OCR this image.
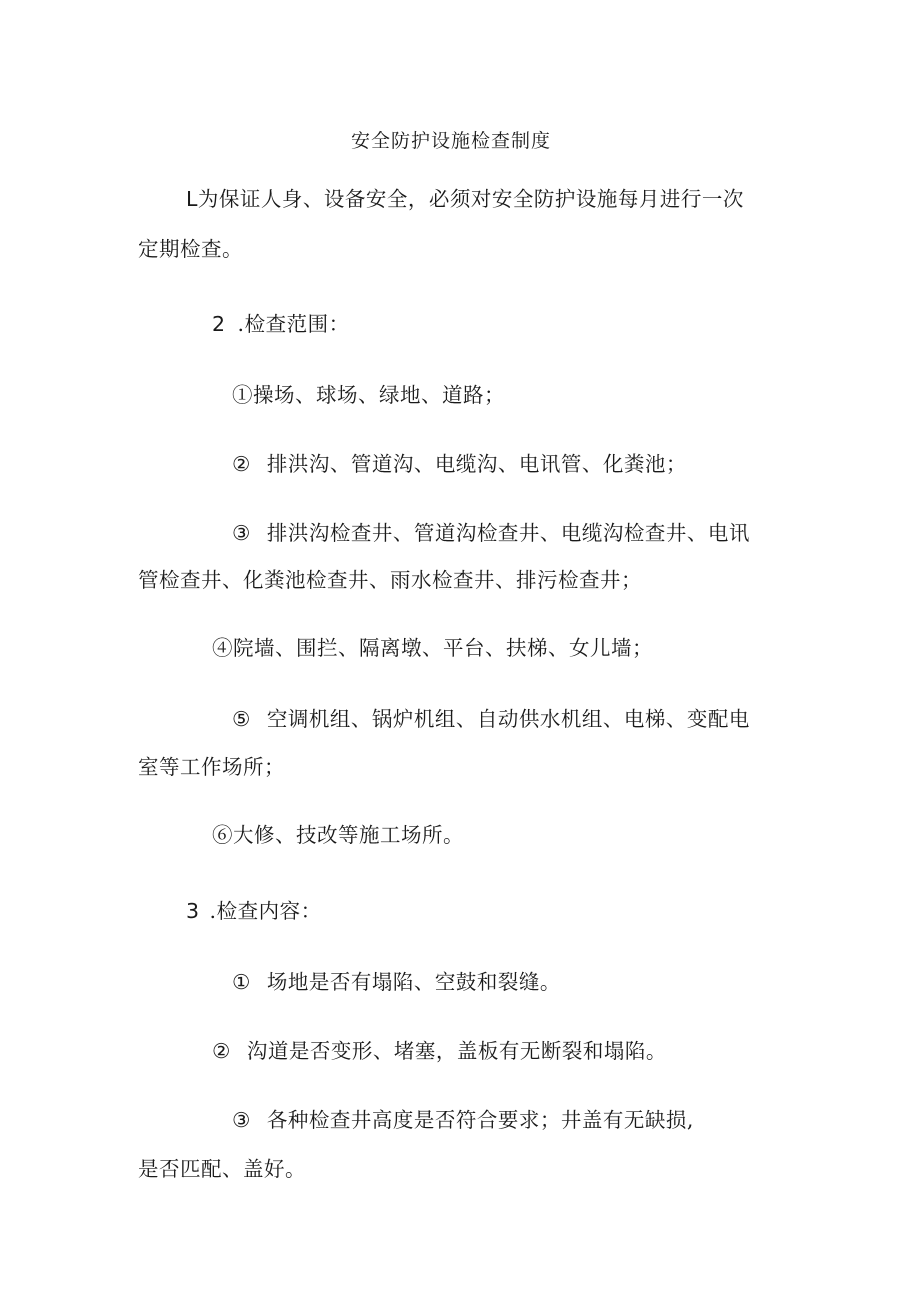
安全防护设施检查制度
L为保证人身、设备安全，必须对安全防护设施每月进行一次
定期检查。
2 .检查范围：
①操场、球场、绿地、道路；
② 排洪沟、管道沟、电缆沟、电讯管、化粪池；
③ 排洪沟检查井、管道沟检查井、电缆沟检查井、电讯
管检查井、化粪池检查井、雨水检查井、排污检查井；
④院墙、围拦、隔离墩、平台、扶梯、女儿墙；
⑤ 空调机组、锅炉机组、自动供水机组、电梯、变配电
室等工作场所；
⑥大修、技改等施工场所。
3 .检查内容：
① 场地是否有塌陷、空鼓和裂缝。
② 沟道是否变形、堵塞，盖板有无断裂和塌陷。
③ 各种检查井高度是否符合要求；井盖有无缺损,
是否匹配、盖好。
